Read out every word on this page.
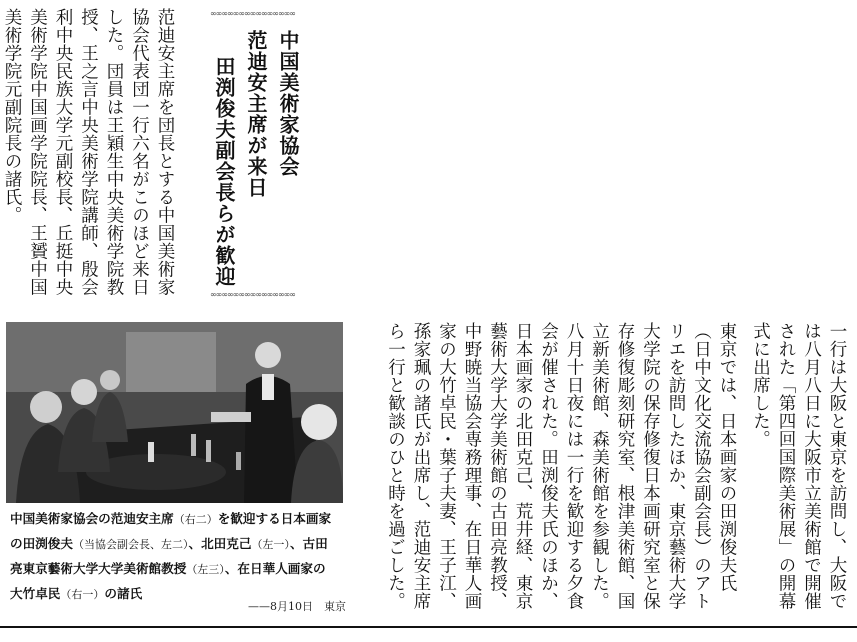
∞∞∞∞∞∞∞∞∞∞∞∞∞∞∞
中国美術家協会
范迪安主席が来日
田渕俊夫副会長らが歓迎
∞∞∞∞∞∞∞∞∞∞∞∞∞∞∞
范迪安主席を団長とする中国美術家協会代表団一行六名がこのほど来日した。団員は王穎生中央美術学院教授、王之言中央美術学院講師、殷会利中央民族大学元副校長、丘挺中央美術学院中国画学院院長、王贇中国美術学院元副院長の諸氏。
一行は大阪と東京を訪問し、大阪では八月八日に大阪市立美術館で開催された「第四回国際美術展」の開幕式に出席した。
東京では、日本画家の田渕俊夫氏（日中文化交流協会副会長）のアトリエを訪問したほか、東京藝術大学大学院の保存修復日本画研究室と保存修復彫刻研究室、根津美術館、国立新美術館、森美術館を参観した。八月十日夜には一行を歓迎する夕食会が催された。田渕俊夫氏のほか、日本画家の北田克己、荒井経、東京藝術大学大学美術館の古田亮教授、中野暁当協会専務理事、在日華人画家の大竹卓民・葉子夫妻、王子江、孫家珮の諸氏が出席し、范迪安主席ら一行と歓談のひと時を過ごした。
中国美術家協会の范迪安主席（右二）を歓迎する日本画家の田渕俊夫（当協会副会長、左二）、北田克己（左一）、古田亮東京藝術大学大学美術館教授（左三）、在日華人画家の大竹卓民（右一）の諸氏
——8月10日　東京
